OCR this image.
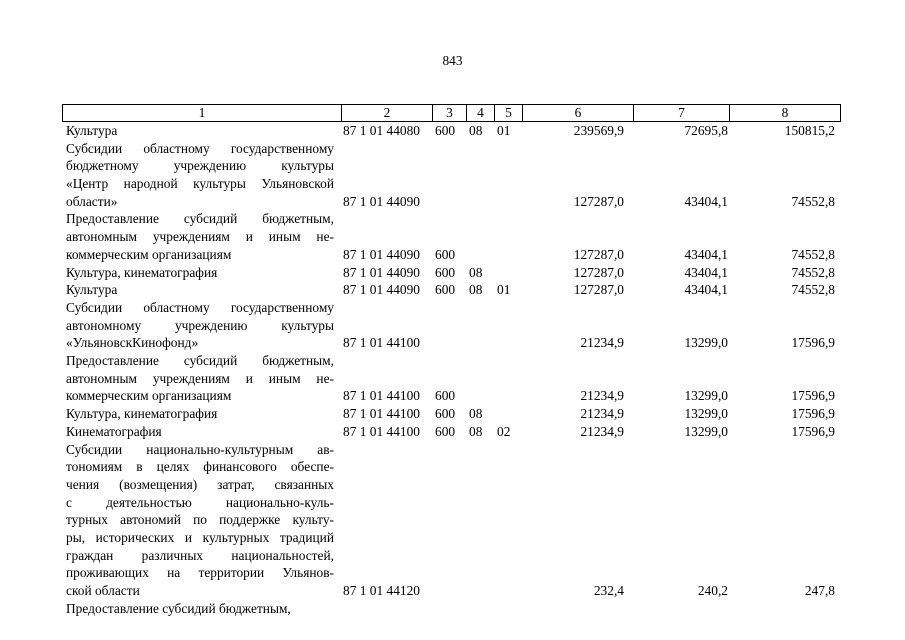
843
1	2	3	4	5	6	7	8
Культура	87 1 01 44080 600 08 01	239569,9	72695,8	150815,2
Субсидии областному государственному
бюджетному учреждению культуры
«Центр народной культуры Ульяновской
области»	87 1 01 44090	127287,0	43404,1	74552,8
Предоставление субсидий бюджетным,
автономным учреждениям и иным не-
коммерческим организациям	87 1 01 44090 600	127287,0	43404,1	74552,8
Культура, кинематография	87 1 01 44090 600 08	127287,0	43404,1	74552,8
Культура	87 1 01 44090 600 08 01	127287,0	43404,1	74552,8
Субсидии областному государственному
автономному учреждению культуры
«УльяновскКинофонд»	87 1 01 44100	21234,9	13299,0	17596,9
Предоставление субсидий бюджетным,
автономным учреждениям и иным не-
коммерческим организациям	87 1 01 44100 600	21234,9	13299,0	17596,9
Культура, кинематография	87 1 01 44100 600 08	21234,9	13299,0	17596,9
Кинематография	87 1 01 44100 600 08 02	21234,9	13299,0	17596,9
Субсидии национально-культурным ав-
тономиям в целях финансового обеспе-
чения (возмещения) затрат, связанных
с деятельностью национально-куль-
турных автономий по поддержке культу-
ры, исторических и культурных традиций
граждан различных национальностей,
проживающих на территории Ульянов-
ской области	87 1 01 44120	232,4	240,2	247,8
Предоставление субсидий бюджетным,
